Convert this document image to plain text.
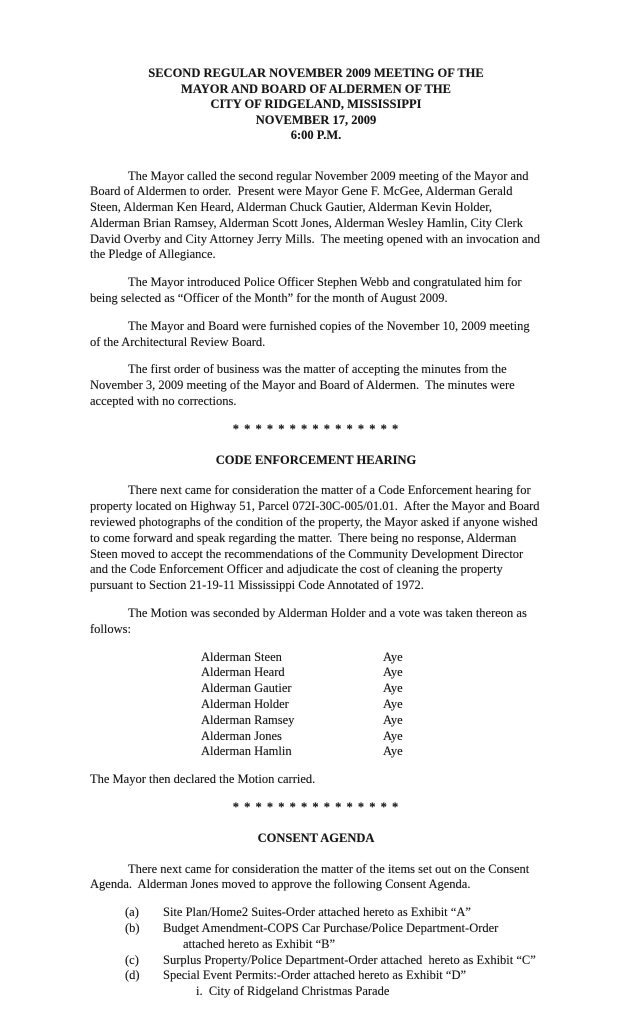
SECOND REGULAR NOVEMBER 2009 MEETING OF THE
MAYOR AND BOARD OF ALDERMEN OF THE
CITY OF RIDGELAND, MISSISSIPPI
NOVEMBER 17, 2009
6:00 P.M.

The Mayor called the second regular November 2009 meeting of the Mayor and Board of Aldermen to order.  Present were Mayor Gene F. McGee, Alderman Gerald Steen, Alderman Ken Heard, Alderman Chuck Gautier, Alderman Kevin Holder, Alderman Brian Ramsey, Alderman Scott Jones, Alderman Wesley Hamlin, City Clerk David Overby and City Attorney Jerry Mills.  The meeting opened with an invocation and the Pledge of Allegiance.

The Mayor introduced Police Officer Stephen Webb and congratulated him for being selected as “Officer of the Month” for the month of August 2009.

The Mayor and Board were furnished copies of the November 10, 2009 meeting of the Architectural Review Board.

The first order of business was the matter of accepting the minutes from the November 3, 2009 meeting of the Mayor and Board of Aldermen.  The minutes were accepted with no corrections.

* * * * * * * * * * * * * * *
CODE ENFORCEMENT HEARING

There next came for consideration the matter of a Code Enforcement hearing for property located on Highway 51, Parcel 072I-30C-005/01.01.  After the Mayor and Board reviewed photographs of the condition of the property, the Mayor asked if anyone wished to come forward and speak regarding the matter.  There being no response, Alderman Steen moved to accept the recommendations of the Community Development Director and the Code Enforcement Officer and adjudicate the cost of cleaning the property pursuant to Section 21-19-11 Mississippi Code Annotated of 1972.

The Motion was seconded by Alderman Holder and a vote was taken thereon as follows:

Alderman Steen	Aye
Alderman Heard	Aye
Alderman Gautier	Aye
Alderman Holder	Aye
Alderman Ramsey	Aye
Alderman Jones	Aye
Alderman Hamlin	Aye

The Mayor then declared the Motion carried.

* * * * * * * * * * * * * * *
CONSENT AGENDA

There next came for consideration the matter of the items set out on the Consent Agenda.  Alderman Jones moved to approve the following Consent Agenda.

(a)	Site Plan/Home2 Suites-Order attached hereto as Exhibit “A”
(b)	Budget Amendment-COPS Car Purchase/Police Department-Order
attached hereto as Exhibit “B”
(c)	Surplus Property/Police Department-Order attached  hereto as Exhibit “C”
(d)	Special Event Permits:-Order attached hereto as Exhibit “D”
i.  City of Ridgeland Christmas Parade
